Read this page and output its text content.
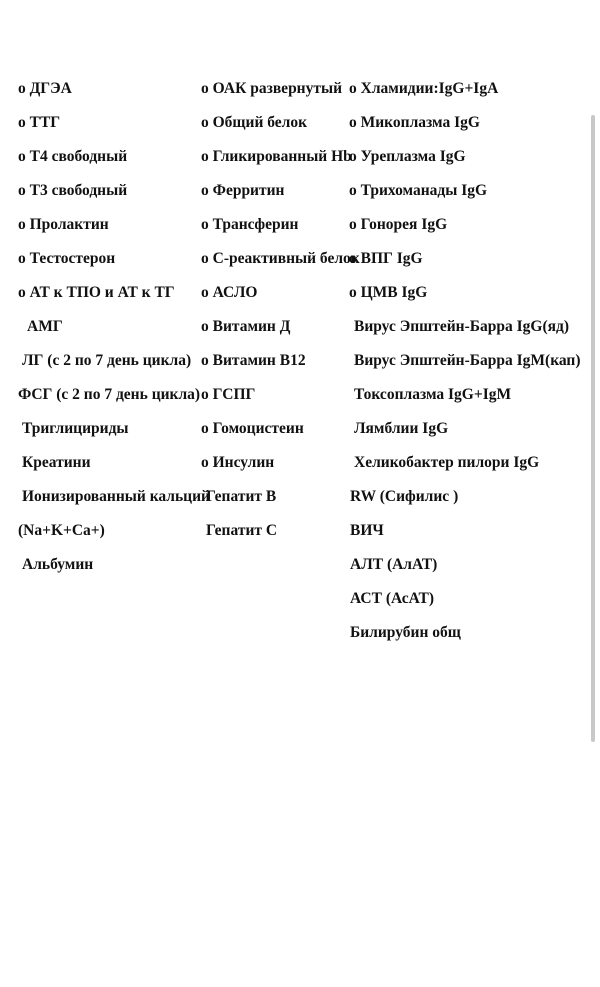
o ДГЭА
o ТТГ
o Т4 свободный
o Т3 свободный
o Пролактин
o Тестостерон
o АТ к ТПО и АТ к ТГ
АМГ
ЛГ (с 2 по 7 день цикла)
ФСГ (с 2 по 7 день цикла)
Триглицириды
Креатини
Ионизированный кальций
(Na+K+Ca+)
Альбумин
o ОАК развернутый
o Общий белок
o Гликированный Hb
o Ферритин
o Трансферин
o С-реактивный белок
o АСЛО
o Витамин Д
o Витамин В12
o ГСПГ
o Гомоцистеин
o Инсулин
Гепатит В
Гепатит С
o Хламидии:IgG+IgA
o Микоплазма IgG
o Уреплазма IgG
o Трихоманады IgG
o Гонорея IgG
o ВПГ IgG
o ЦМВ IgG
Вирус Эпштейн-Барра IgG(яд)
Вирус Эпштейн-Барра IgM(кап)
Токсоплазма IgG+IgM
Лямблии IgG
Хеликобактер пилори IgG
RW (Сифилис )
ВИЧ
АЛТ (АлАТ)
АСТ (АсАТ)
Билирубин общ
